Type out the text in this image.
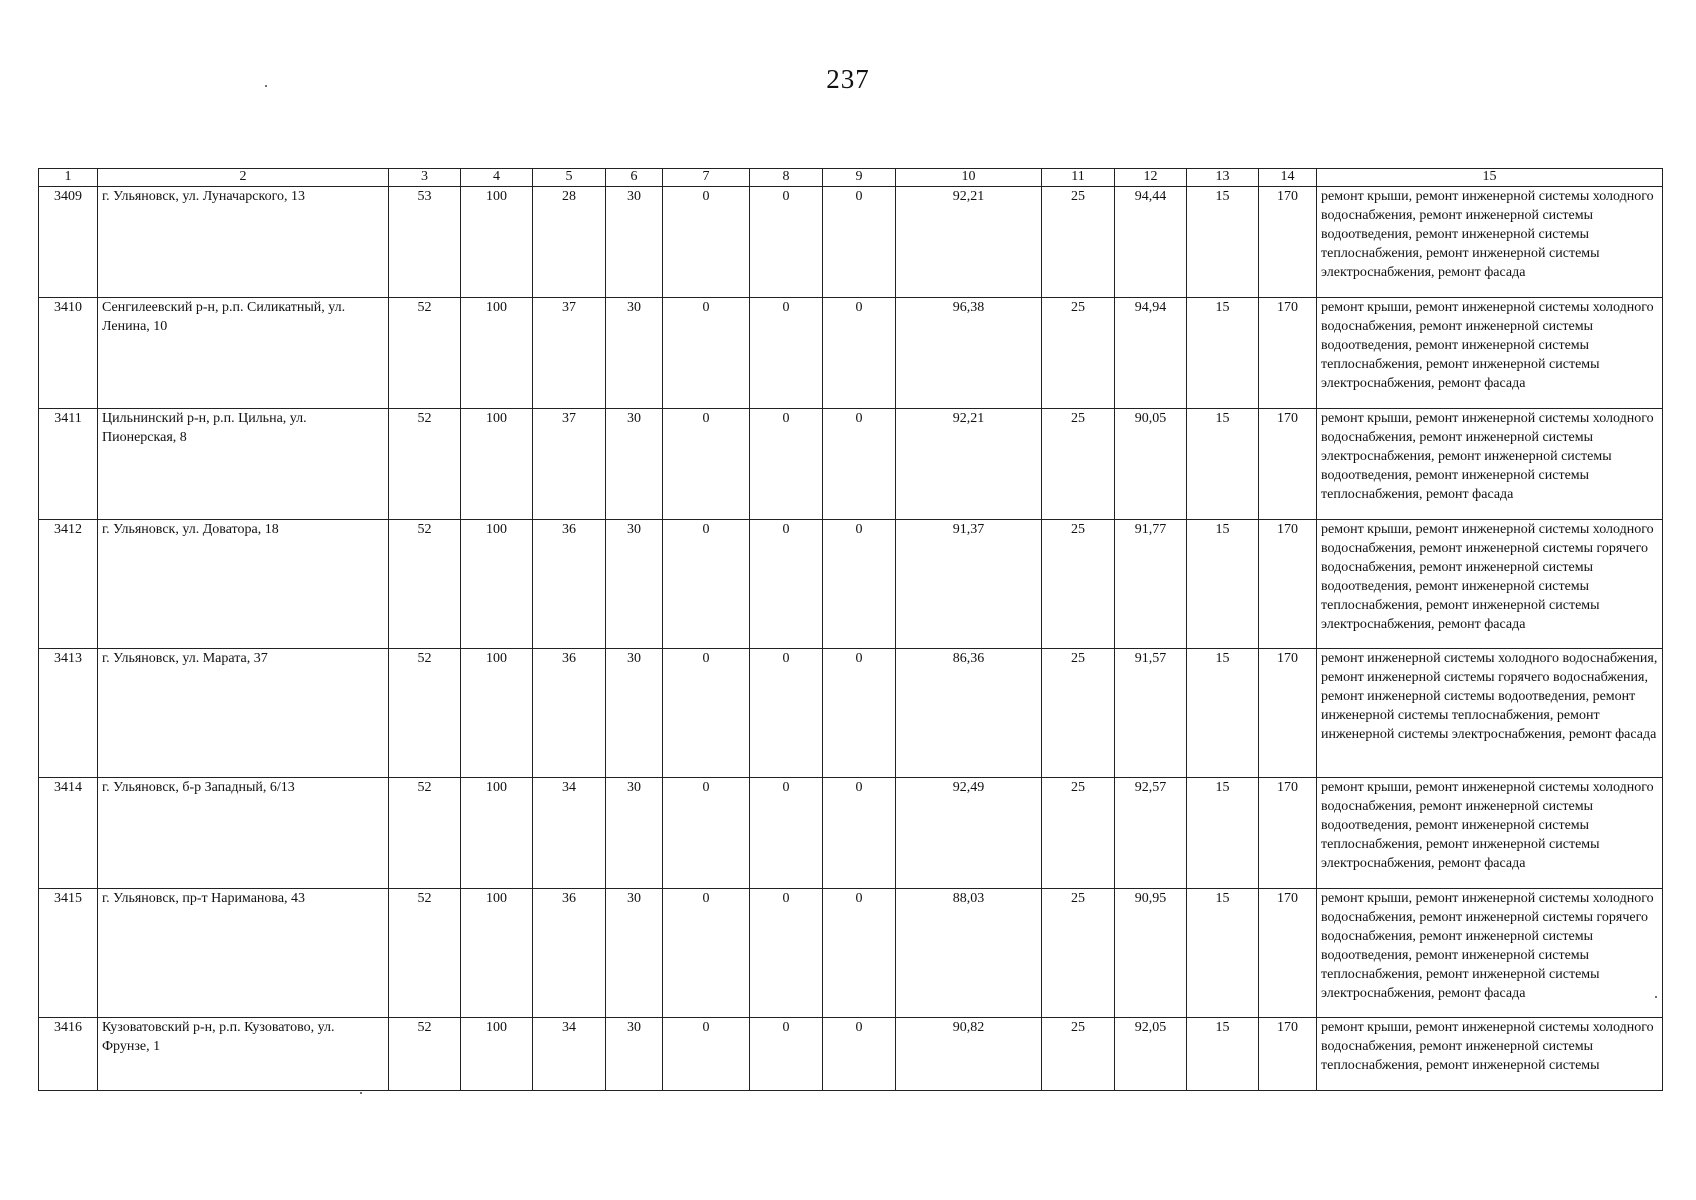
237
1	2	3	4	5	6	7	8	9	10	11	12	13	14	15
3409	г. Ульяновск, ул. Луначарского, 13	53	100	28	30	0	0	0	92,21	25	94,44	15	170	ремонт крыши, ремонт инженерной системы холодного водоснабжения, ремонт инженерной системы водоотведения, ремонт инженерной системы теплоснабжения, ремонт инженерной системы электроснабжения, ремонт фасада
3410	Сенгилеевский р-н, р.п. Силикатный, ул. Ленина, 10	52	100	37	30	0	0	0	96,38	25	94,94	15	170	ремонт крыши, ремонт инженерной системы холодного водоснабжения, ремонт инженерной системы водоотведения, ремонт инженерной системы теплоснабжения, ремонт инженерной системы электроснабжения, ремонт фасада
3411	Цильнинский р-н, р.п. Цильна, ул. Пионерская, 8	52	100	37	30	0	0	0	92,21	25	90,05	15	170	ремонт крыши, ремонт инженерной системы холодного водоснабжения, ремонт инженерной системы электроснабжения, ремонт инженерной системы водоотведения, ремонт инженерной системы теплоснабжения, ремонт фасада
3412	г. Ульяновск, ул. Доватора, 18	52	100	36	30	0	0	0	91,37	25	91,77	15	170	ремонт крыши, ремонт инженерной системы холодного водоснабжения, ремонт инженерной системы горячего водоснабжения, ремонт инженерной системы водоотведения, ремонт инженерной системы теплоснабжения, ремонт инженерной системы электроснабжения, ремонт фасада
3413	г. Ульяновск, ул. Марата, 37	52	100	36	30	0	0	0	86,36	25	91,57	15	170	ремонт инженерной системы холодного водоснабжения, ремонт инженерной системы горячего водоснабжения, ремонт инженерной системы водоотведения, ремонт инженерной системы теплоснабжения, ремонт инженерной системы электроснабжения, ремонт фасада
3414	г. Ульяновск, б-р Западный, 6/13	52	100	34	30	0	0	0	92,49	25	92,57	15	170	ремонт крыши, ремонт инженерной системы холодного водоснабжения, ремонт инженерной системы водоотведения, ремонт инженерной системы теплоснабжения, ремонт инженерной системы электроснабжения, ремонт фасада
3415	г. Ульяновск, пр-т Нариманова, 43	52	100	36	30	0	0	0	88,03	25	90,95	15	170	ремонт крыши, ремонт инженерной системы холодного водоснабжения, ремонт инженерной системы горячего водоснабжения, ремонт инженерной системы водоотведения, ремонт инженерной системы теплоснабжения, ремонт инженерной системы электроснабжения, ремонт фасада
3416	Кузоватовский р-н, р.п. Кузоватово, ул. Фрунзе, 1	52	100	34	30	0	0	0	90,82	25	92,05	15	170	ремонт крыши, ремонт инженерной системы холодного водоснабжения, ремонт инженерной системы теплоснабжения, ремонт инженерной системы
